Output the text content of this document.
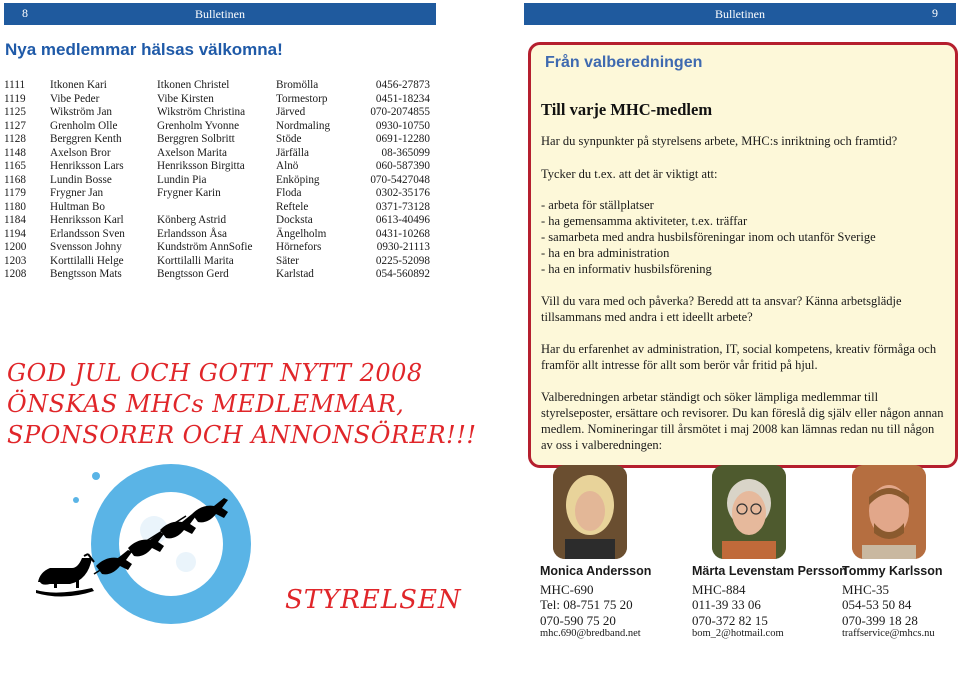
8	Bulletinen	Bulletinen	9
Nya medlemmar hälsas välkomna!
1111	Itkonen Kari	Itkonen Christel	Bromölla	0456-27873
1119	Vibe Peder	Vibe Kirsten	Tormestorp	0451-18234
1125	Wikström Jan	Wikström Christina	Järved	070-2074855
1127	Grenholm Olle	Grenholm Yvonne	Nordmaling	0930-10750
1128	Berggren Kenth	Berggren Solbritt	Stöde	0691-12280
1148	Axelson Bror	Axelson Marita	Järfälla	08-365099
1165	Henriksson Lars	Henriksson Birgitta	Alnö	060-587390
1168	Lundin Bosse	Lundin Pia	Enköping	070-5427048
1179	Frygner Jan	Frygner Karin	Floda	0302-35176
1180	Hultman Bo		Reftele	0371-73128
1184	Henriksson Karl	Könberg Astrid	Docksta	0613-40496
1194	Erlandsson Sven	Erlandsson Åsa	Ängelholm	0431-10268
1200	Svensson Johny	Kundström AnnSofie	Hörnefors	0930-21113
1203	Korttilalli Helge	Korttilalli Marita	Säter	0225-52098
1208	Bengtsson Mats	Bengtsson Gerd	Karlstad	054-560892
GOD JUL OCH GOTT NYTT 2008
ÖNSKAS MHCs MEDLEMMAR,
SPONSORER OCH ANNONSÖRER!!!
STYRELSEN
Från valberedningen
Till varje MHC-medlem

Har du synpunkter på styrelsens arbete, MHC:s inriktning och framtid?

Tycker du t.ex. att det är viktigt att:

- arbeta för ställplatser
- ha gemensamma aktiviteter, t.ex. träffar
- samarbeta med andra husbilsföreningar inom och utanför Sverige
- ha en bra administration
- ha en informativ husbilsförening

Vill du vara med och påverka? Beredd att ta ansvar? Känna arbetsglädje tillsammans med andra i ett ideellt arbete?

Har du erfarenhet av administration, IT, social kompetens, kreativ förmåga och framför allt intresse för allt som berör vår fritid på hjul.

Valberedningen arbetar ständigt och söker lämpliga medlemmar till styrelseposter, ersättare och revisorer. Du kan föreslå dig själv eller någon annan medlem. Nomineringar till årsmötet i maj 2008 kan lämnas redan nu till någon av oss i valberedningen:

Monica Andersson
MHC-690
Tel: 08-751 75 20
070-590 75 20
mhc.690@bredband.net
Märta Levenstam Persson
MHC-884
011-39 33 06
070-372 82 15
bom_2@hotmail.com
Tommy Karlsson
MHC-35
054-53 50 84
070-399 18 28
traffservice@mhcs.nu
